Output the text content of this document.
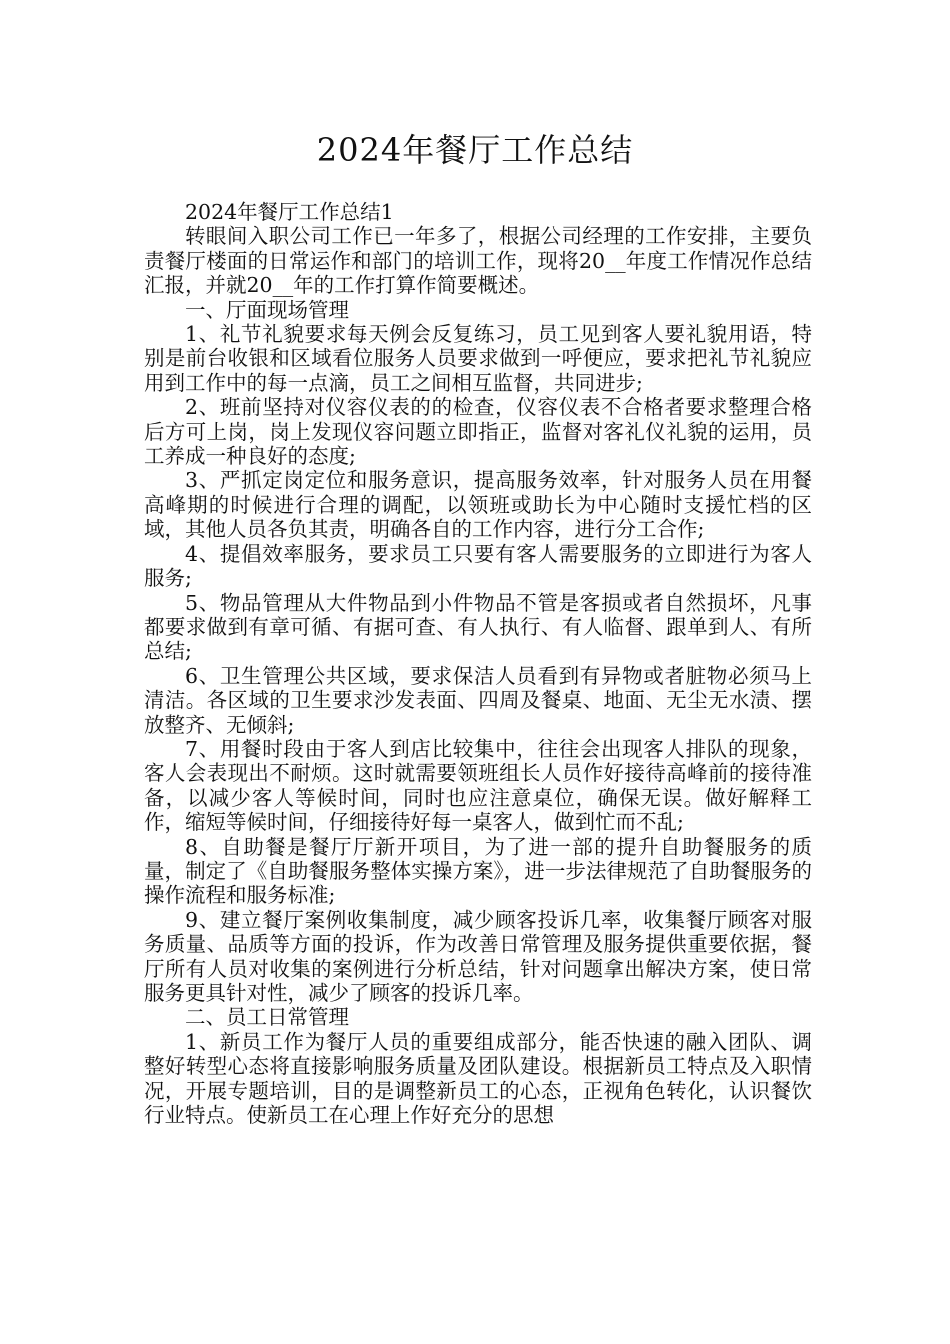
2024年餐厅工作总结

2024年餐厅工作总结1

转眼间入职公司工作已一年多了，根据公司经理的工作安排，主要负责餐厅楼面的日常运作和部门的培训工作，现将20__年度工作情况作总结汇报，并就20__年的工作打算作简要概述。

一、厅面现场管理

1、礼节礼貌要求每天例会反复练习，员工见到客人要礼貌用语，特别是前台收银和区域看位服务人员要求做到一呼便应，要求把礼节礼貌应用到工作中的每一点滴，员工之间相互监督，共同进步;

2、班前坚持对仪容仪表的的检查，仪容仪表不合格者要求整理合格后方可上岗，岗上发现仪容问题立即指正，监督对客礼仪礼貌的运用，员工养成一种良好的态度;

3、严抓定岗定位和服务意识，提高服务效率，针对服务人员在用餐高峰期的时候进行合理的调配，以领班或助长为中心随时支援忙档的区域，其他人员各负其责，明确各自的工作内容，进行分工合作;

4、提倡效率服务，要求员工只要有客人需要服务的立即进行为客人服务;

5、物品管理从大件物品到小件物品不管是客损或者自然损坏，凡事都要求做到有章可循、有据可查、有人执行、有人临督、跟单到人、有所总结;

6、卫生管理公共区域，要求保洁人员看到有异物或者脏物必须马上清洁。各区域的卫生要求沙发表面、四周及餐桌、地面、无尘无水渍、摆放整齐、无倾斜;

7、用餐时段由于客人到店比较集中，往往会出现客人排队的现象，客人会表现出不耐烦。这时就需要领班组长人员作好接待高峰前的接待准备，以减少客人等候时间，同时也应注意桌位，确保无误。做好解释工作，缩短等候时间，仔细接待好每一桌客人，做到忙而不乱;

8、自助餐是餐厅厅新开项目，为了进一部的提升自助餐服务的质量，制定了《自助餐服务整体实操方案》，进一步法律规范了自助餐服务的操作流程和服务标准;

9、建立餐厅案例收集制度，减少顾客投诉几率，收集餐厅顾客对服务质量、品质等方面的投诉，作为改善日常管理及服务提供重要依据，餐厅所有人员对收集的案例进行分析总结，针对问题拿出解决方案，使日常服务更具针对性，减少了顾客的投诉几率。

二、员工日常管理

1、新员工作为餐厅人员的重要组成部分，能否快速的融入团队、调整好转型心态将直接影响服务质量及团队建设。根据新员工特点及入职情况，开展专题培训，目的是调整新员工的心态，正视角色转化，认识餐饮行业特点。使新员工在心理上作好充分的思想
